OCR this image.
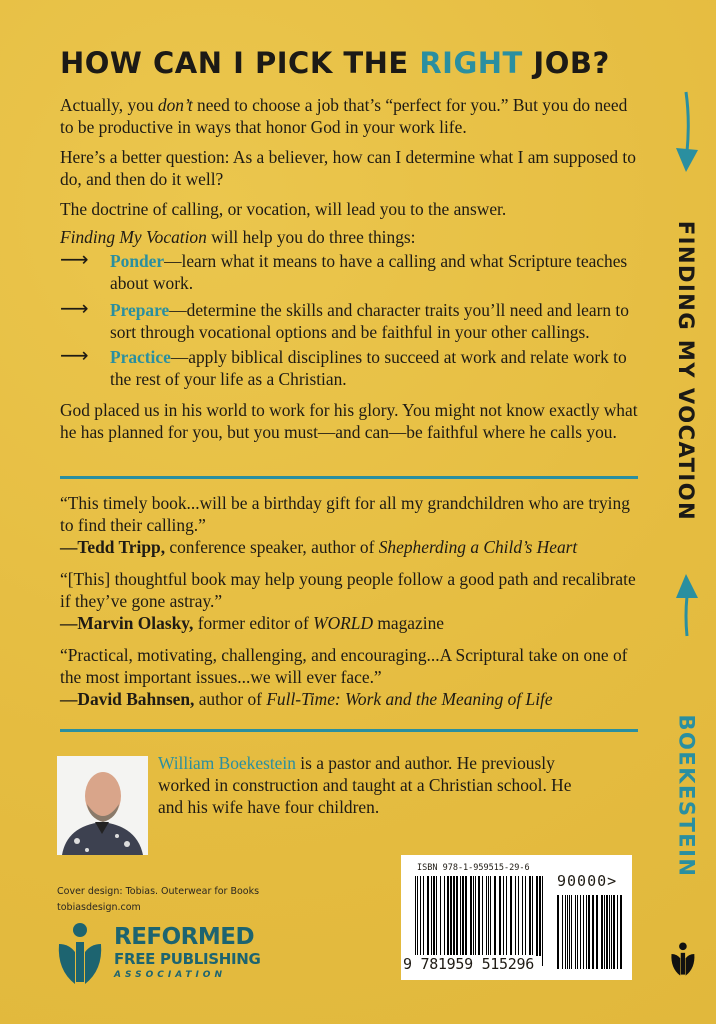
HOW CAN I PICK THE RIGHT JOB?

Actually, you don’t need to choose a job that’s “perfect for you.” But you do need to be productive in ways that honor God in your work life.

Here’s a better question: As a believer, how can I determine what I am supposed to do, and then do it well?

The doctrine of calling, or vocation, will lead you to the answer.

Finding My Vocation will help you do three things:

⟶ Ponder—learn what it means to have a calling and what Scripture teaches about work.
⟶ Prepare—determine the skills and character traits you’ll need and learn to sort through vocational options and be faithful in your other callings.
⟶ Practice—apply biblical disciplines to succeed at work and relate work to the rest of your life as a Christian.

God placed us in his world to work for his glory. You might not know exactly what he has planned for you, but you must—and can—be faithful where he calls you.

“This timely book...will be a birthday gift for all my grandchildren who are trying to find their calling.”
—Tedd Tripp, conference speaker, author of Shepherding a Child’s Heart

“[This] thoughtful book may help young people follow a good path and recalibrate if they’ve gone astray.”
—Marvin Olasky, former editor of WORLD magazine

“Practical, motivating, challenging, and encouraging...A Scriptural take on one of the most important issues...we will ever face.”
—David Bahnsen, author of Full-Time: Work and the Meaning of Life

William Boekestein is a pastor and author. He previously worked in construction and taught at a Christian school. He and his wife have four children.

Cover design: Tobias. Outerwear for Books
tobiasdesign.com
REFORMED
FREE PUBLISHING
ASSOCIATION
ISBN 978-1-959515-29-6
90000>
9 781959 515296
FINDING MY VOCATION
BOEKESTEIN
